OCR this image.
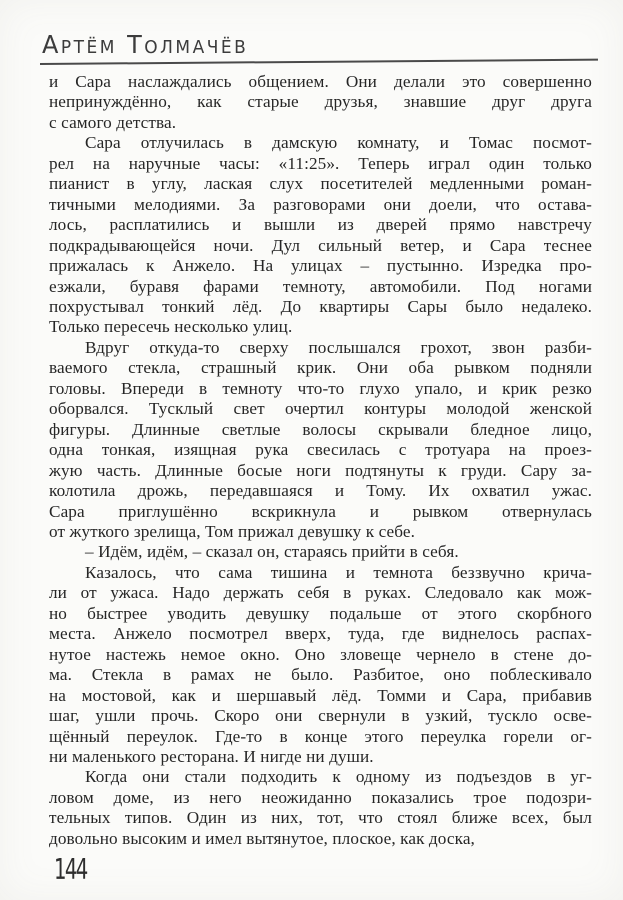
Артём Толмачёв
и Сара наслаждались общением. Они делали это совершенно
непринуждённо, как старые друзья, знавшие друг друга
с самого детства.
Сара отлучилась в дамскую комнату, и Томас посмот-
рел на наручные часы: «11:25». Теперь играл один только
пианист в углу, лаская слух посетителей медленными роман-
тичными мелодиями. За разговорами они доели, что остава-
лось, расплатились и вышли из дверей прямо навстречу
подкрадывающейся ночи. Дул сильный ветер, и Сара теснее
прижалась к Анжело. На улицах – пустынно. Изредка про-
езжали, буравя фарами темноту, автомобили. Под ногами
похрустывал тонкий лёд. До квартиры Сары было недалеко.
Только пересечь несколько улиц.
Вдруг откуда-то сверху послышался грохот, звон разби-
ваемого стекла, страшный крик. Они оба рывком подняли
головы. Впереди в темноту что-то глухо упало, и крик резко
оборвался. Тусклый свет очертил контуры молодой женской
фигуры. Длинные светлые волосы скрывали бледное лицо,
одна тонкая, изящная рука свесилась с тротуара на проез-
жую часть. Длинные босые ноги подтянуты к груди. Сару за-
колотила дрожь, передавшаяся и Тому. Их охватил ужас.
Сара приглушённо вскрикнула и рывком отвернулась
от жуткого зрелища, Том прижал девушку к себе.
– Идём, идём, – сказал он, стараясь прийти в себя.
Казалось, что сама тишина и темнота беззвучно крича-
ли от ужаса. Надо держать себя в руках. Следовало как мож-
но быстрее уводить девушку подальше от этого скорбного
места. Анжело посмотрел вверх, туда, где виднелось распах-
нутое настежь немое окно. Оно зловеще чернело в стене до-
ма. Стекла в рамах не было. Разбитое, оно поблескивало
на мостовой, как и шершавый лёд. Томми и Сара, прибавив
шаг, ушли прочь. Скоро они свернули в узкий, тускло осве-
щённый переулок. Где-то в конце этого переулка горели ог-
ни маленького ресторана. И нигде ни души.
Когда они стали подходить к одному из подъездов в уг-
ловом доме, из него неожиданно показались трое подозри-
тельных типов. Один из них, тот, что стоял ближе всех, был
довольно высоким и имел вытянутое, плоское, как доска,
144
